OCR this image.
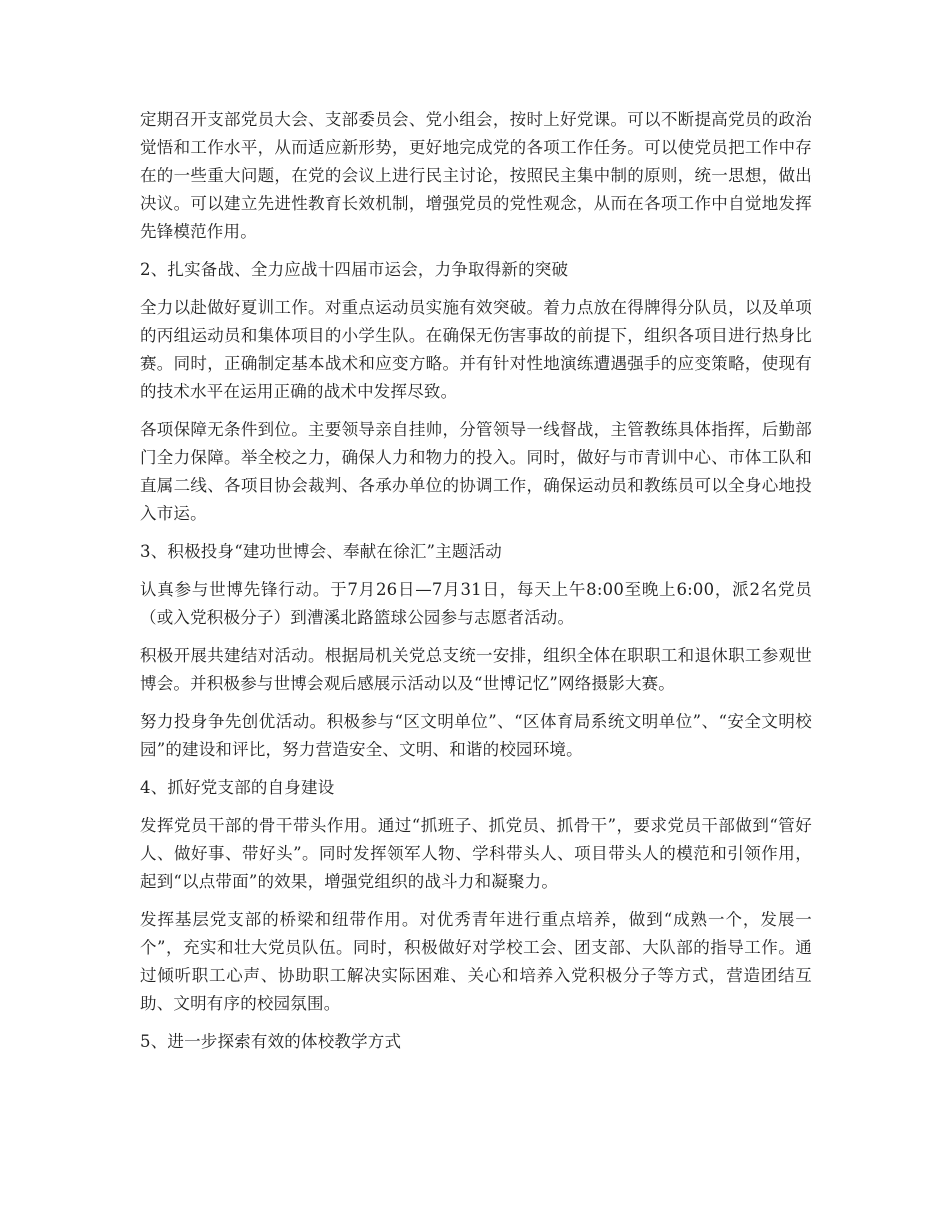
定期召开支部党员大会、支部委员会、党小组会，按时上好党课。可以不断提高党员的政治觉悟和工作水平，从而适应新形势，更好地完成党的各项工作任务。可以使党员把工作中存在的一些重大问题，在党的会议上进行民主讨论，按照民主集中制的原则，统一思想，做出决议。可以建立先进性教育长效机制，增强党员的党性观念，从而在各项工作中自觉地发挥先锋模范作用。

2、扎实备战、全力应战十四届市运会，力争取得新的突破

全力以赴做好夏训工作。对重点运动员实施有效突破。着力点放在得牌得分队员，以及单项的丙组运动员和集体项目的小学生队。在确保无伤害事故的前提下，组织各项目进行热身比赛。同时，正确制定基本战术和应变方略。并有针对性地演练遭遇强手的应变策略，使现有的技术水平在运用正确的战术中发挥尽致。

各项保障无条件到位。主要领导亲自挂帅，分管领导一线督战，主管教练具体指挥，后勤部门全力保障。举全校之力，确保人力和物力的投入。同时，做好与市青训中心、市体工队和直属二线、各项目协会裁判、各承办单位的协调工作，确保运动员和教练员可以全身心地投入市运。

3、积极投身“建功世博会、奉献在徐汇”主题活动

认真参与世博先锋行动。于7月26日—7月31日，每天上午8:00至晚上6:00，派2名党员（或入党积极分子）到漕溪北路篮球公园参与志愿者活动。

积极开展共建结对活动。根据局机关党总支统一安排，组织全体在职职工和退休职工参观世博会。并积极参与世博会观后感展示活动以及“世博记忆”网络摄影大赛。

努力投身争先创优活动。积极参与“区文明单位”、“区体育局系统文明单位”、“安全文明校园”的建设和评比，努力营造安全、文明、和谐的校园环境。

4、抓好党支部的自身建设

发挥党员干部的骨干带头作用。通过“抓班子、抓党员、抓骨干”，要求党员干部做到“管好人、做好事、带好头”。同时发挥领军人物、学科带头人、项目带头人的模范和引领作用，起到“以点带面”的效果，增强党组织的战斗力和凝聚力。

发挥基层党支部的桥梁和纽带作用。对优秀青年进行重点培养，做到“成熟一个，发展一个”，充实和壮大党员队伍。同时，积极做好对学校工会、团支部、大队部的指导工作。通过倾听职工心声、协助职工解决实际困难、关心和培养入党积极分子等方式，营造团结互助、文明有序的校园氛围。

5、进一步探索有效的体校教学方式
